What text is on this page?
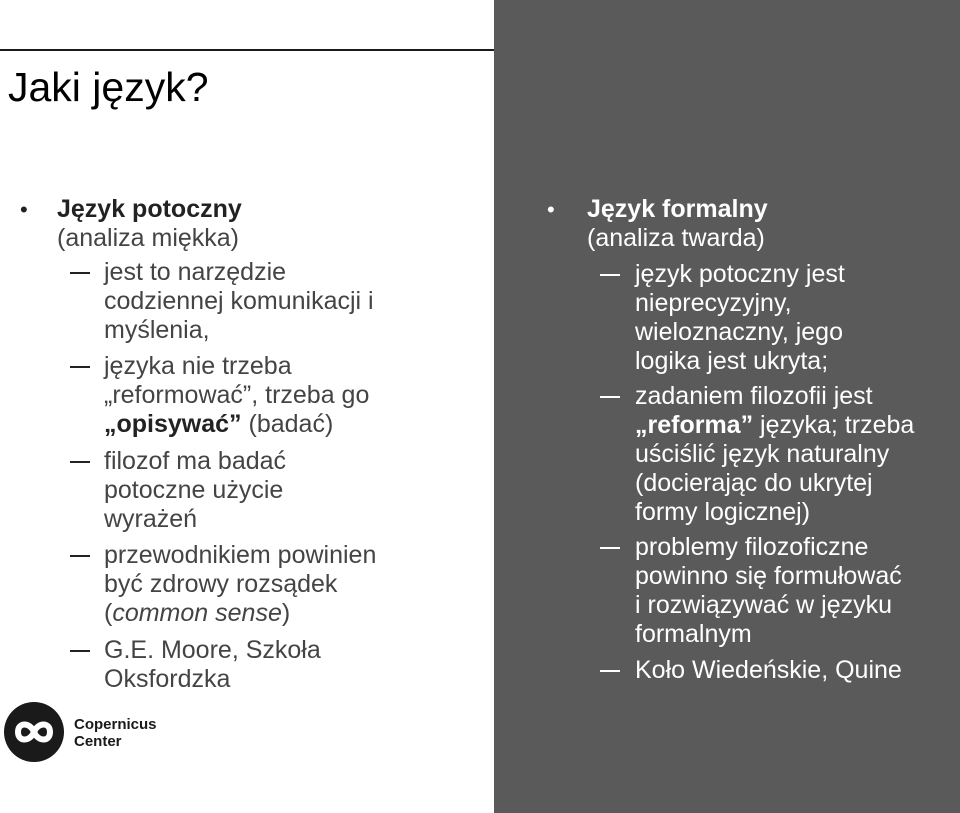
Jaki język?
• Język potoczny
(analiza miękka)
jest to narzędzie
codziennej komunikacji i
myślenia,
języka nie trzeba
„reformować”, trzeba go
„opisywać” (badać)
filozof ma badać
potoczne użycie
wyrażeń
przewodnikiem powinien
być zdrowy rozsądek
(common sense)
G.E. Moore, Szkoła
Oksfordzka
• Język formalny
(analiza twarda)
język potoczny jest
nieprecyzyjny,
wieloznaczny, jego
logika jest ukryta;
zadaniem filozofii jest
„reforma” języka; trzeba
uściślić język naturalny
(docierając do ukrytej
formy logicznej)
problemy filozoficzne
powinno się formułować
i rozwiązywać w języku
formalnym
Koło Wiedeńskie, Quine
Copernicus
Center
